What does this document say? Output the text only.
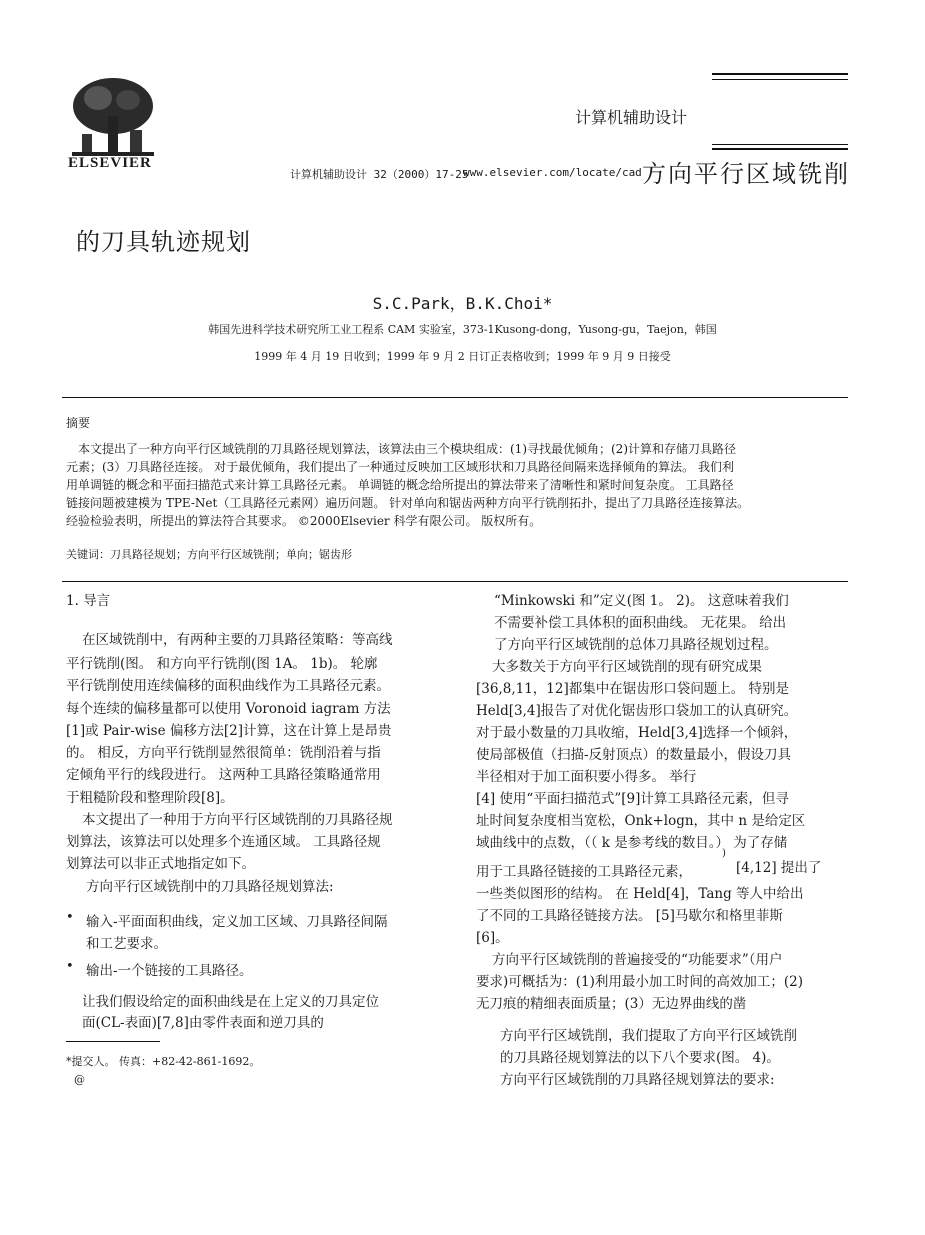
ELSEVIER
计算机辅助设计
计算机辅助设计 32（2000）17-25
www.elsevier.com/locate/cad 方向平行区域铣削
的刀具轨迹规划
S.C.Park，B.K.Choi*
韩国先进科学技术研究所工业工程系 CAM 实验室，373-1Kusong-dong，Yusong-gu，Taejon，韩国
1999 年 4 月 19 日收到；1999 年 9 月 2 日订正表格收到；1999 年 9 月 9 日接受
摘要
本文提出了一种方向平行区域铣削的刀具路径规划算法，该算法由三个模块组成：(1)寻找最优倾角；(2)计算和存储刀具路径
元素；(3）刀具路径连接。 对于最优倾角，我们提出了一种通过反映加工区域形状和刀具路径间隔来选择倾角的算法。 我们利
用单调链的概念和平面扫描范式来计算工具路径元素。 单调链的概念给所提出的算法带来了清晰性和紧时间复杂度。 工具路径
链接问题被建模为 TPE-Net（工具路径元素网）遍历问题。 针对单向和锯齿两种方向平行铣削拓扑，提出了刀具路径连接算法。
经验检验表明，所提出的算法符合其要求。 ©2000Elsevier 科学有限公司。 版权所有。
关键词：刀具路径规划；方向平行区域铣削；单向；锯齿形
1. 导言
在区域铣削中，有两种主要的刀具路径策略：等高线
平行铣削(图。 和方向平行铣削(图 1A。 1b)。 轮廓
平行铣削使用连续偏移的面积曲线作为工具路径元素。
每个连续的偏移量都可以使用 Voronoid iagram 方法
[1]或 Pair-wise 偏移方法[2]计算，这在计算上是昂贵
的。 相反，方向平行铣削显然很简单：铣削沿着与指
定倾角平行的线段进行。 这两种工具路径策略通常用
于粗糙阶段和整理阶段[8]。
本文提出了一种用于方向平行区域铣削的刀具路径规
划算法，该算法可以处理多个连通区域。 工具路径规
划算法可以非正式地指定如下。
方向平行区域铣削中的刀具路径规划算法:
• 输入-平面面积曲线，定义加工区域、刀具路径间隔
和工艺要求。
• 输出-一个链接的工具路径。
让我们假设给定的面积曲线是在上定义的刀具定位
面(CL-表面)[7,8]由零件表面和逆刀具的
*提交人。 传真：+82-42-861-1692。
@
“Minkowski 和”定义(图 1。 2)。 这意味着我们
不需要补偿工具体积的面积曲线。 无花果。 给出
了方向平行区域铣削的总体刀具路径规划过程。
大多数关于方向平行区域铣削的现有研究成果
[36,8,11，12]都集中在锯齿形口袋问题上。 特别是
Held[3,4]报告了对优化锯齿形口袋加工的认真研究。
对于最小数量的刀具收缩，Held[3,4]选择一个倾斜，
使局部极值（扫描-反射顶点）的数量最小，假设刀具
半径相对于加工面积要小得多。 举行
[4] 使用“平面扫描范式”[9]计算工具路径元素，但寻
址时间复杂度相当宽松，Onk+logn，其中 n 是给定区
域曲线中的点数，（（ k 是参考线的数目。） 为了存储
用于工具路径链接的工具路径元素，
)
[4,12] 提出了
一些类似图形的结构。 在 Held[4]，Tang 等人中给出
了不同的工具路径链接方法。 [5]马歇尔和格里菲斯
[6]。
方向平行区域铣削的普遍接受的“功能要求”（用户
要求)可概括为：(1)利用最小加工时间的高效加工；(2)
无刀痕的精细表面质量；(3）无边界曲线的凿
方向平行区域铣削，我们提取了方向平行区域铣削
的刀具路径规划算法的以下八个要求(图。 4)。
方向平行区域铣削的刀具路径规划算法的要求:
